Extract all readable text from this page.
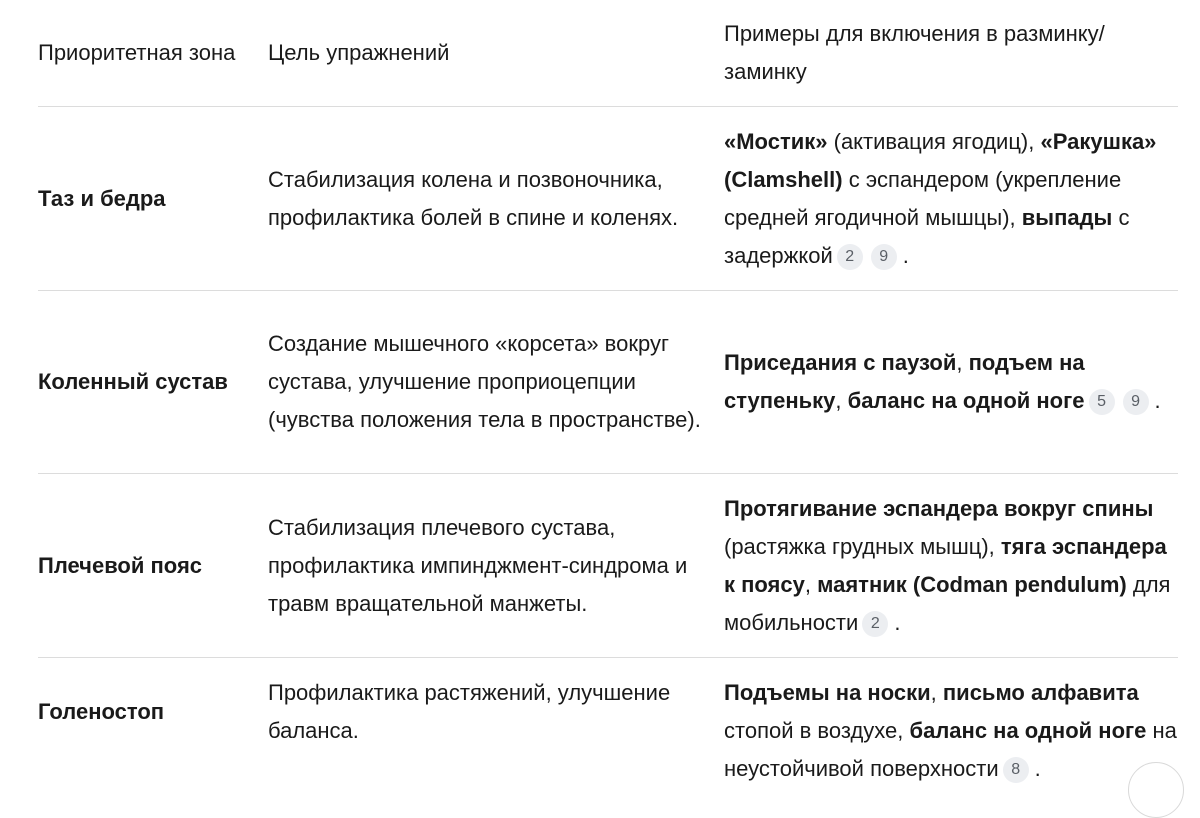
Приоритетная зона	Цель упражнений
Примеры для включения в разминку/ заминку
Таз и бедра
Стабилизация колена и позвоночника, профилактика болей в спине и коленях.
«Мостик» (активация ягодиц), «Ракушка» (Clamshell) с эспандером (укрепление средней ягодичной мышцы), выпады с задержкой 2 9 .
Коленный сустав
Создание мышечного «корсета» вокруг сустава, улучшение проприоцепции (чувства положения тела в пространстве).
Приседания с паузой, подъем на ступеньку, баланс на одной ноге 5 9 .
Плечевой пояс
Стабилизация плечевого сустава, профилактика импинджмент-синдрома и травм вращательной манжеты.
Протягивание эспандера вокруг спины (растяжка грудных мышц), тяга эспандера к поясу, маятник (Codman pendulum) для мобильности 2 .
Голеностоп
Профилактика растяжений, улучшение баланса.
Подъемы на носки, письмо алфавита стопой в воздухе, баланс на одной ноге на неустойчивой поверхности 8 .
